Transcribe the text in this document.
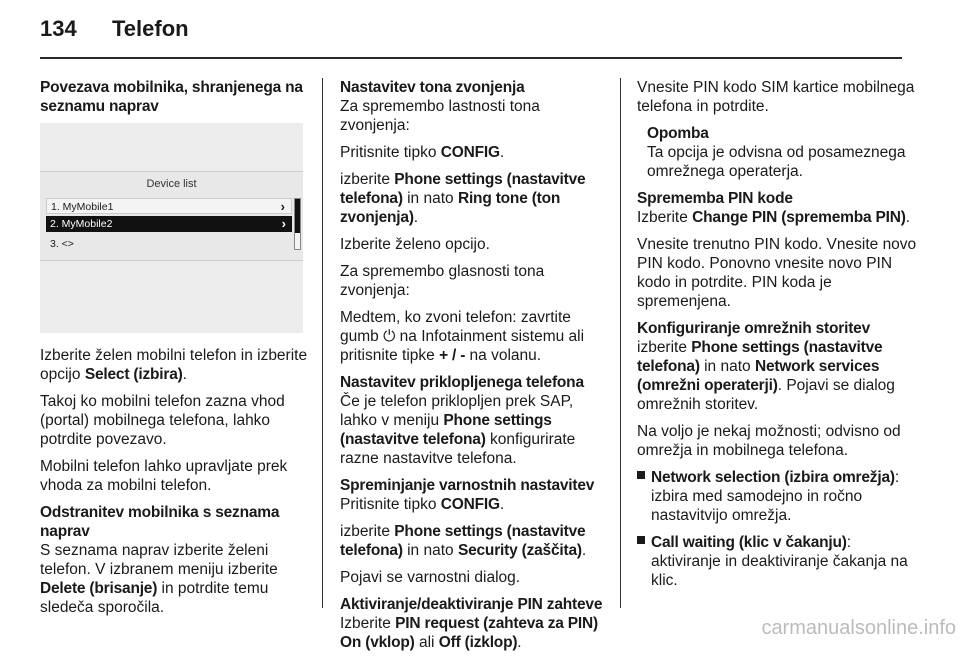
134 Telefon
Povezava mobilnika, shranjenega na seznamu naprav

Izberite želen mobilni telefon in izberite opcijo Select (izbira).

Takoj ko mobilni telefon zazna vhod (portal) mobilnega telefona, lahko potrdite povezavo.

Mobilni telefon lahko upravljate prek vhoda za mobilni telefon.

Odstranitev mobilnika s seznama naprav

S seznama naprav izberite želeni telefon. V izbranem meniju izberite Delete (brisanje) in potrdite temu sledeča sporočila.

Device list
1. MyMobile1	›
2. MyMobile2	›
3. <>
Nastavitev tona zvonjenja

Za spremembo lastnosti tona zvonjenja:

Pritisnite tipko CONFIG.

izberite Phone settings (nastavitve telefona) in nato Ring tone (ton zvonjenja).

Izberite želeno opcijo.

Za spremembo glasnosti tona zvonjenja:

Medtem, ko zvoni telefon: zavrtite gumb ⏻ na Infotainment sistemu ali pritisnite tipke + / - na volanu.

Nastavitev priklopljenega telefona

Če je telefon priklopljen prek SAP, lahko v meniju Phone settings (nastavitve telefona) konfigurirate razne nastavitve telefona.

Spreminjanje varnostnih nastavitev

Pritisnite tipko CONFIG.

izberite Phone settings (nastavitve telefona) in nato Security (zaščita).

Pojavi se varnostni dialog.

Aktiviranje/deaktiviranje PIN zahteve

Izberite PIN request (zahteva za PIN) On (vklop) ali Off (izklop).

Vnesite PIN kodo SIM kartice mobilnega telefona in potrdite.

Opomba

Ta opcija je odvisna od posameznega omrežnega operaterja.

Sprememba PIN kode

Izberite Change PIN (sprememba PIN).

Vnesite trenutno PIN kodo. Vnesite novo PIN kodo. Ponovno vnesite novo PIN kodo in potrdite. PIN koda je spremenjena.

Konfiguriranje omrežnih storitev

izberite Phone settings (nastavitve telefona) in nato Network services (omrežni operaterji). Pojavi se dialog omrežnih storitev.

Na voljo je nekaj možnosti; odvisno od omrežja in mobilnega telefona.

Network selection (izbira omrežja): izbira med samodejno in ročno nastavitvijo omrežja.
Call waiting (klic v čakanju): aktiviranje in deaktiviranje čakanja na klic.
carmanualsonline.info
